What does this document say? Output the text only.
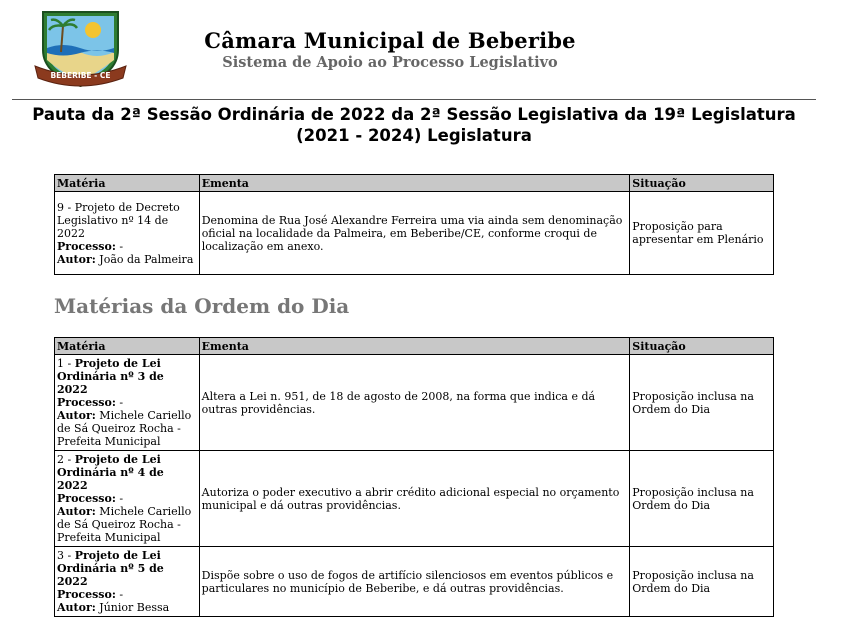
BEBERIBE - CE
Câmara Municipal de Beberibe
Sistema de Apoio ao Processo Legislativo
Pauta da 2ª Sessão Ordinária de 2022 da 2ª Sessão Legislativa da 19ª Legislatura (2021 - 2024) Legislatura
Matéria	Ementa	Situação
9 - Projeto de Decreto Legislativo nº 14 de 2022
Processo: -
Autor: João da Palmeira	Denomina de Rua José Alexandre Ferreira uma via ainda sem denominação oficial na localidade da Palmeira, em Beberibe/CE, conforme croqui de localização em anexo.	Proposição para apresentar em Plenário
Matérias da Ordem do Dia
Matéria	Ementa	Situação
1 - Projeto de Lei Ordinária nº 3 de 2022
Processo: -
Autor: Michele Cariello de Sá Queiroz Rocha - Prefeita Municipal	Altera a Lei n. 951, de 18 de agosto de 2008, na forma que indica e dá outras providências.	Proposição inclusa na Ordem do Dia
2 - Projeto de Lei Ordinária nº 4 de 2022
Processo: -
Autor: Michele Cariello de Sá Queiroz Rocha - Prefeita Municipal	Autoriza o poder executivo a abrir crédito adicional especial no orçamento municipal e dá outras providências.	Proposição inclusa na Ordem do Dia
3 - Projeto de Lei Ordinária nº 5 de 2022
Processo: -
Autor: Júnior Bessa	Dispõe sobre o uso de fogos de artifício silenciosos em eventos públicos e particulares no município de Beberibe, e dá outras providências.	Proposição inclusa na Ordem do Dia
